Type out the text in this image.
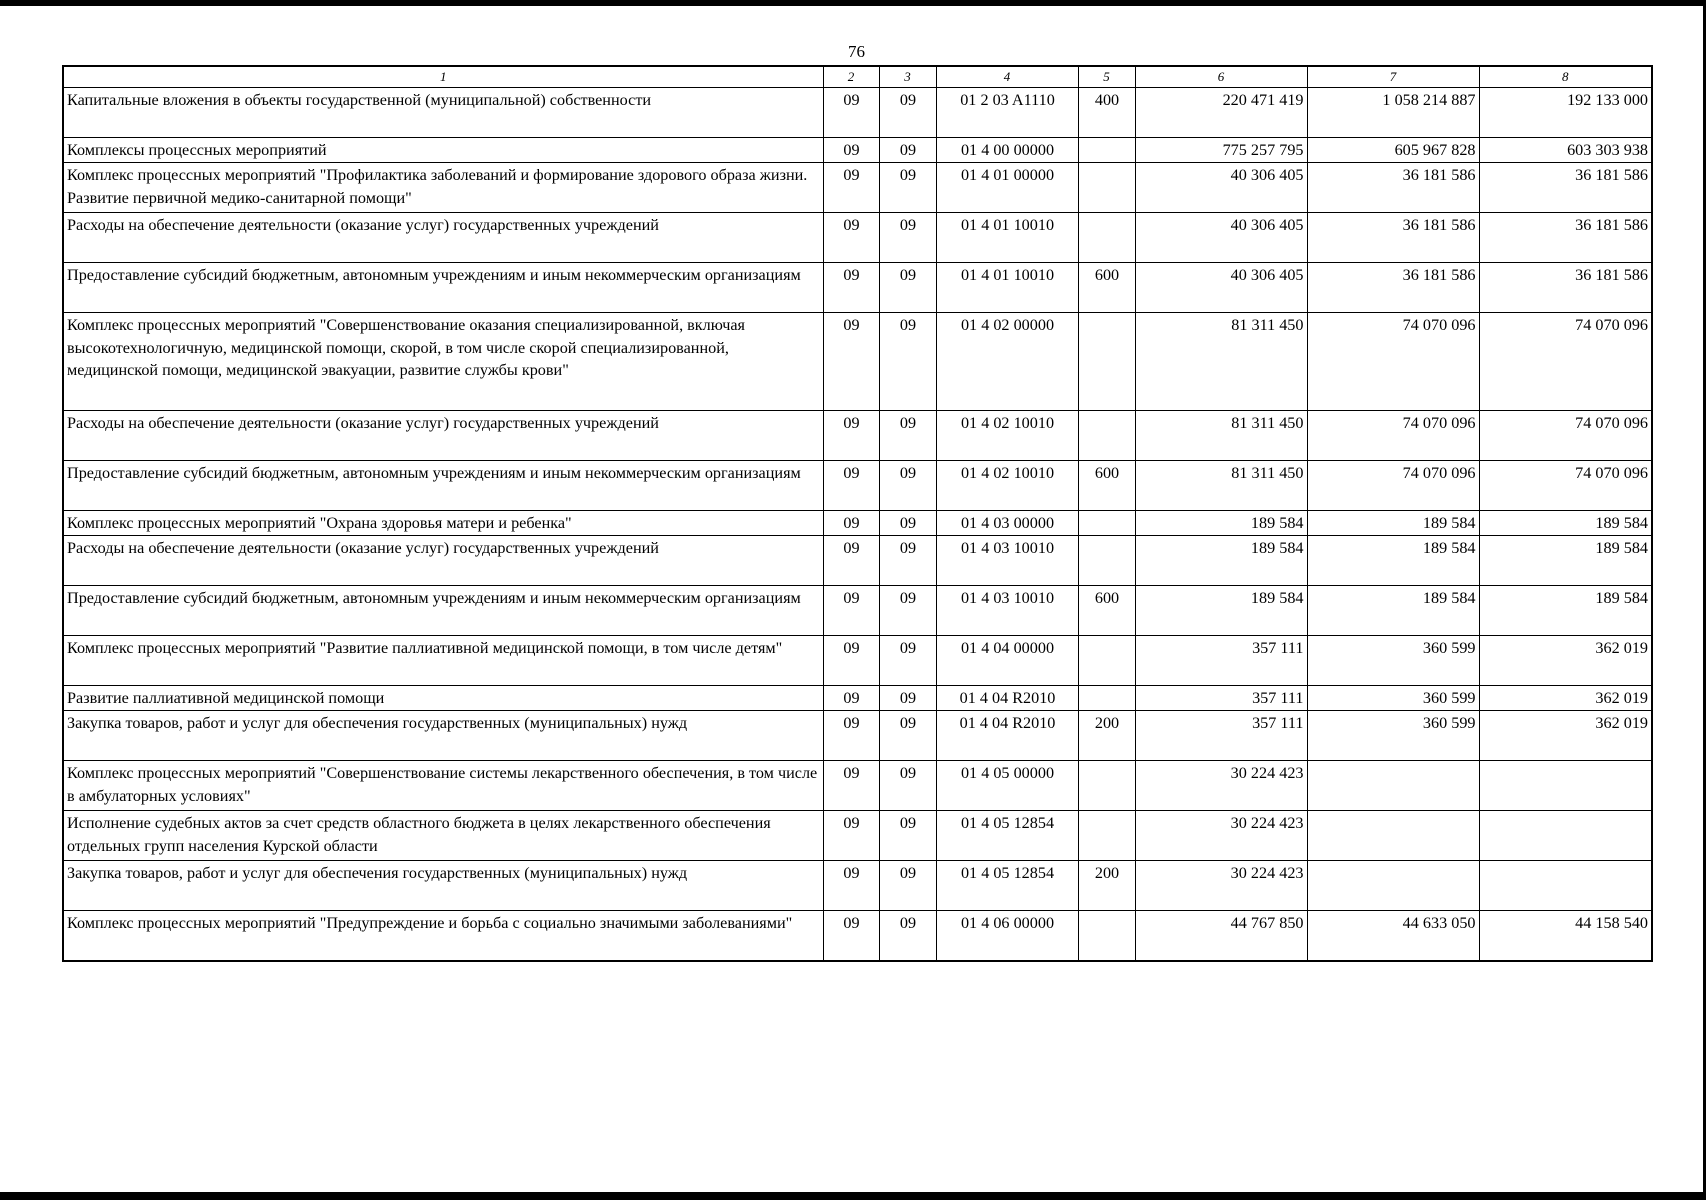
76
1	2	3	4	5	6	7	8
Капитальные вложения в объекты государственной (муниципальной) собственности	09	09	01 2 03 A1110	400	220 471 419	1 058 214 887	192 133 000
Комплексы процессных мероприятий	09	09	01 4 00 00000		775 257 795	605 967 828	603 303 938
Комплекс процессных мероприятий "Профилактика заболеваний и формирование здорового образа жизни. Развитие первичной медико-санитарной помощи"	09	09	01 4 01 00000		40 306 405	36 181 586	36 181 586
Расходы на обеспечение деятельности (оказание услуг) государственных учреждений	09	09	01 4 01 10010		40 306 405	36 181 586	36 181 586
Предоставление субсидий бюджетным, автономным учреждениям и иным некоммерческим организациям	09	09	01 4 01 10010	600	40 306 405	36 181 586	36 181 586
Комплекс процессных мероприятий "Совершенствование оказания специализированной, включая высокотехнологичную, медицинской помощи, скорой, в том числе скорой специализированной, медицинской помощи, медицинской эвакуации, развитие службы крови"	09	09	01 4 02 00000		81 311 450	74 070 096	74 070 096
Расходы на обеспечение деятельности (оказание услуг) государственных учреждений	09	09	01 4 02 10010		81 311 450	74 070 096	74 070 096
Предоставление субсидий бюджетным, автономным учреждениям и иным некоммерческим организациям	09	09	01 4 02 10010	600	81 311 450	74 070 096	74 070 096
Комплекс процессных мероприятий "Охрана здоровья матери и ребенка"	09	09	01 4 03 00000		189 584	189 584	189 584
Расходы на обеспечение деятельности (оказание услуг) государственных учреждений	09	09	01 4 03 10010		189 584	189 584	189 584
Предоставление субсидий бюджетным, автономным учреждениям и иным некоммерческим организациям	09	09	01 4 03 10010	600	189 584	189 584	189 584
Комплекс процессных мероприятий "Развитие паллиативной медицинской помощи, в том числе детям"	09	09	01 4 04 00000		357 111	360 599	362 019
Развитие паллиативной медицинской помощи	09	09	01 4 04 R2010		357 111	360 599	362 019
Закупка товаров, работ и услуг для обеспечения государственных (муниципальных) нужд	09	09	01 4 04 R2010	200	357 111	360 599	362 019
Комплекс процессных мероприятий "Совершенствование системы лекарственного обеспечения, в том числе в амбулаторных условиях"	09	09	01 4 05 00000		30 224 423		
Исполнение судебных актов за счет средств областного бюджета в целях лекарственного обеспечения отдельных групп населения Курской области	09	09	01 4 05 12854		30 224 423		
Закупка товаров, работ и услуг для обеспечения государственных (муниципальных) нужд	09	09	01 4 05 12854	200	30 224 423		
Комплекс процессных мероприятий "Предупреждение и борьба с социально значимыми заболеваниями"	09	09	01 4 06 00000		44 767 850	44 633 050	44 158 540
